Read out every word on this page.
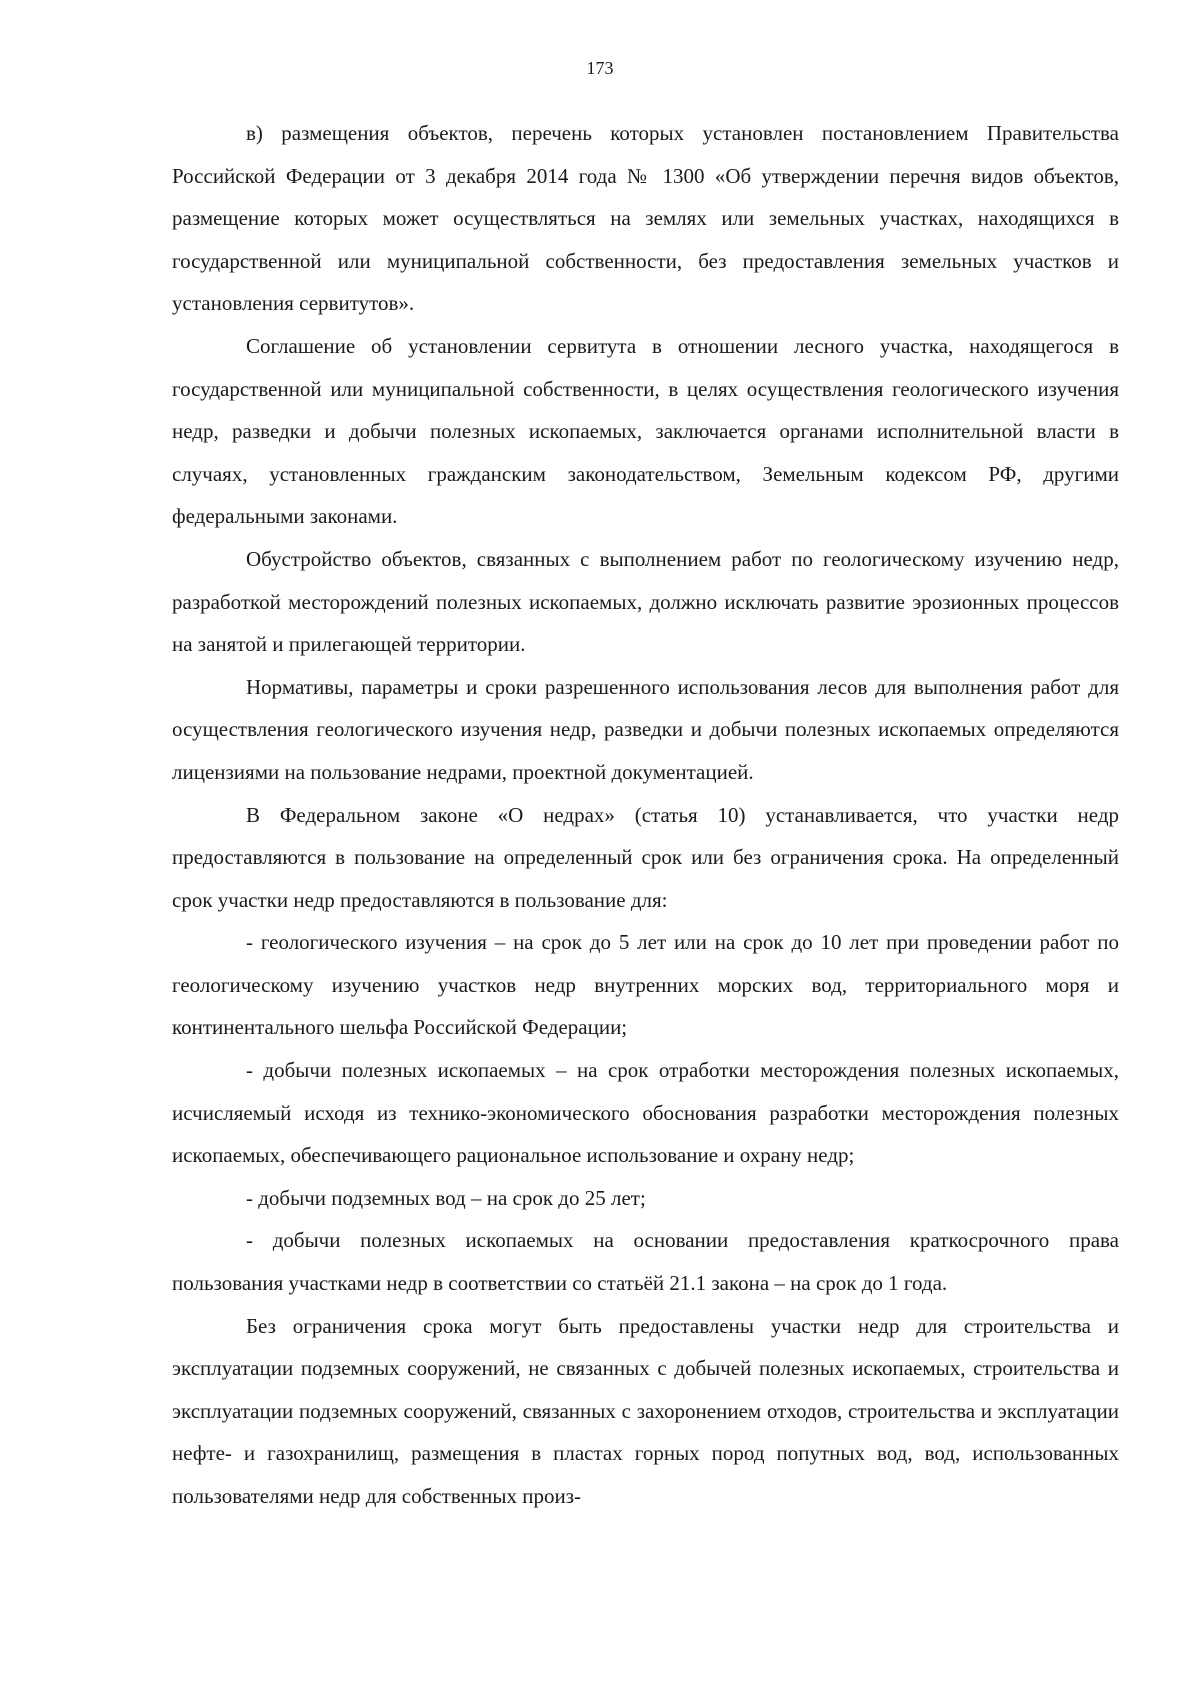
173

в) размещения объектов, перечень которых установлен постановлением Правительства Российской Федерации от 3 декабря 2014 года № 1300 «Об утверждении перечня видов объектов, размещение которых может осуществляться на землях или земельных участках, находящихся в государственной или муниципальной собственности, без предоставления земельных участков и установления сервитутов».

Соглашение об установлении сервитута в отношении лесного участка, находящегося в государственной или муниципальной собственности, в целях осуществления геологического изучения недр, разведки и добычи полезных ископаемых, заключается органами исполнительной власти в случаях, установленных гражданским законодательством, Земельным кодексом РФ, другими федеральными законами.

Обустройство объектов, связанных с выполнением работ по геологическому изучению недр, разработкой месторождений полезных ископаемых, должно исключать развитие эрозионных процессов на занятой и прилегающей территории.

Нормативы, параметры и сроки разрешенного использования лесов для выполнения работ для осуществления геологического изучения недр, разведки и добычи полезных ископаемых определяются лицензиями на пользование недрами, проектной документацией.

В Федеральном законе «О недрах» (статья 10) устанавливается, что участки недр предоставляются в пользование на определенный срок или без ограничения срока. На определенный срок участки недр предоставляются в пользование для:

- геологического изучения – на срок до 5 лет или на срок до 10 лет при проведении работ по геологическому изучению участков недр внутренних морских вод, территориального моря и континентального шельфа Российской Федерации;

- добычи полезных ископаемых – на срок отработки месторождения полезных ископаемых, исчисляемый исходя из технико-экономического обоснования разработки месторождения полезных ископаемых, обеспечивающего рациональное использование и охрану недр;

- добычи подземных вод – на срок до 25 лет;

- добычи полезных ископаемых на основании предоставления краткосрочного права пользования участками недр в соответствии со статьёй 21.1 закона – на срок до 1 года.

Без ограничения срока могут быть предоставлены участки недр для строительства и эксплуатации подземных сооружений, не связанных с добычей полезных ископаемых, строительства и эксплуатации подземных сооружений, связанных с захоронением отходов, строительства и эксплуатации нефте- и газохранилищ, размещения в пластах горных пород попутных вод, вод, использованных пользователями недр для собственных произ-
